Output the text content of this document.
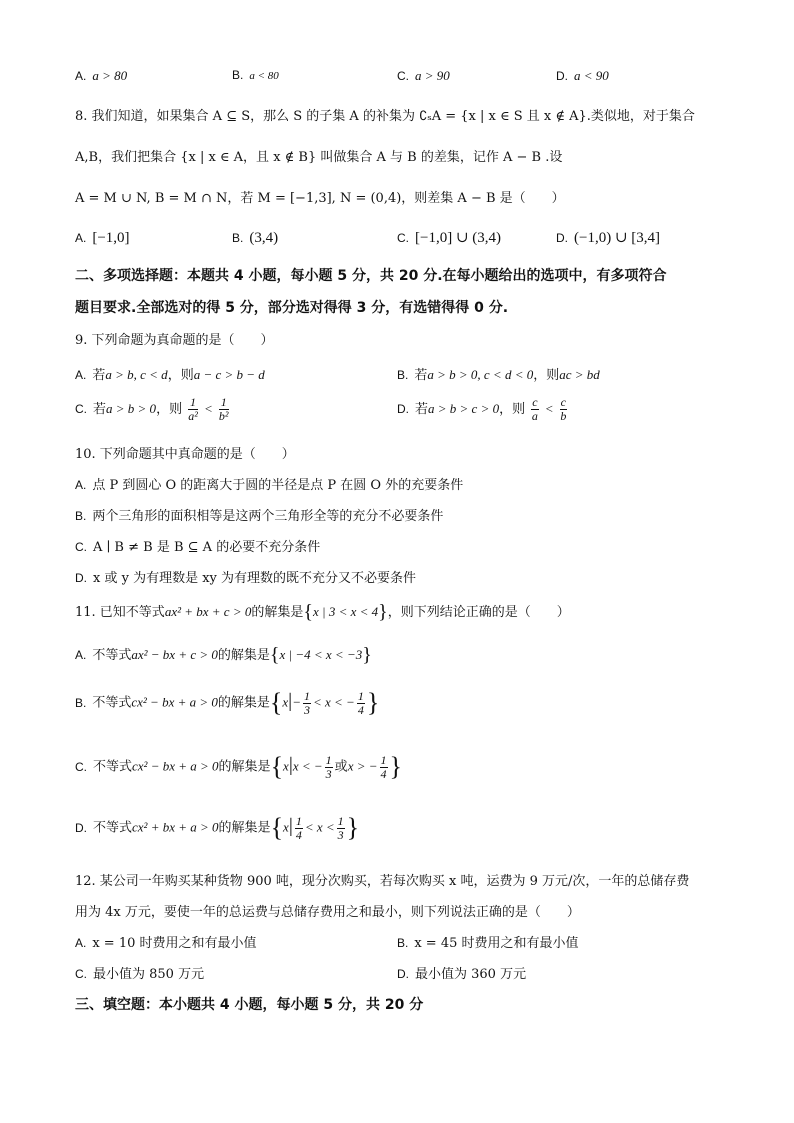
A. a > 80	B. a < 80	C. a > 90	D. a < 90
8. 我们知道，如果集合 A ⊆ S，那么 S 的子集 A 的补集为 ∁ₛA = {x | x ∈ S 且 x ∉ A}.类似地，对于集合
A,B，我们把集合 {x | x ∈ A，且 x ∉ B} 叫做集合 A 与 B 的差集，记作 A − B .设
A = M ∪ N, B = M ∩ N，若 M = [−1,3], N = (0,4)，则差集 A − B 是（　　）
A. [−1,0]	B. (3,4)	C. [−1,0] ∪ (3,4)	D. (−1,0) ∪ [3,4]
二、多项选择题：本题共 4 小题，每小题 5 分，共 20 分.在每小题给出的选项中，有多项符合
题目要求.全部选对的得 5 分，部分选对得得 3 分，有选错得得 0 分.
9. 下列命题为真命题的是（　　）
A. 若a > b, c < d，则a − c > b − d	B. 若a > b > 0, c < d < 0，则ac > bd
C. 若a > b > 0，则 $\frac{1}{\text{a²}} < \frac{1}{\text{b²}}$	D. 若a > b > c > 0，则 $\frac{c}{a} < \frac{c}{b}$
10. 下列命题其中真命题的是（　　）
A. 点 P 到圆心 O 的距离大于圆的半径是点 P 在圆 O 外的充要条件
B. 两个三角形的面积相等是这两个三角形全等的充分不必要条件
C. A ∣ B ≠ B 是 B ⊆ A 的必要不充分条件
D. x 或 y 为有理数是 xy 为有理数的既不充分又不必要条件
11. 已知不等式ax² + bx + c > 0的解集是{x | 3 < x < 4}，则下列结论正确的是（　　）
A. 不等式ax² − bx + c > 0的解集是{x | −4 < x < −3}
B. 不等式cx² − bx + a > 0的解集是{$x|- \frac{1}{3} < x$ < − $\frac{1}{4}$ }
C. 不等式cx² − bx + a > 0的解集是{x|x < − $\frac{1}{3}$ 或x > − $\frac{1}{4}$ }
D. 不等式cx² + bx + a > 0的解集是{$x| \frac{1}{4} < x < \frac{1}{3}$ }
12. 某公司一年购买某种货物 900 吨，现分次购买，若每次购买 x 吨，运费为 9 万元/次，一年的总储存费
用为 4x 万元，要使一年的总运费与总储存费用之和最小，则下列说法正确的是（　　）
A. x = 10 时费用之和有最小值	B. x = 45 时费用之和有最小值
C. 最小值为 850 万元	D. 最小值为 360 万元
三、填空题：本小题共 4 小题，每小题 5 分，共 20 分
